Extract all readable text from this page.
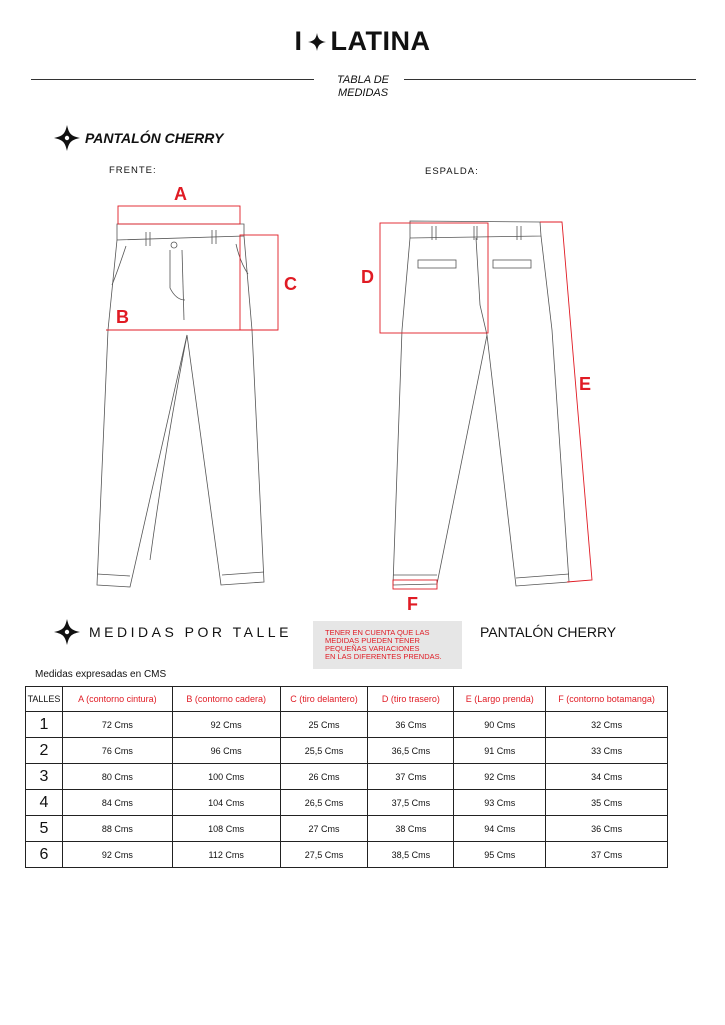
I LATINA
TABLA DE
MEDIDAS
PANTALÓN CHERRY
FRENTE:	ESPALDA:
A
B
C	D
E
F
MEDIDAS POR TALLE	TENER EN CUENTA QUE LAS
MEDIDAS PUEDEN TENER
PEQUEÑAS VARIACIONES
EN LAS DIFERENTES PRENDAS.
PANTALÓN CHERRY
Medidas expresadas en CMS
TALLES	A (contorno cintura)	B (contorno cadera)	C (tiro delantero)	D (tiro trasero)	E (Largo prenda)	F (contorno botamanga)
1	72 Cms	92 Cms	25 Cms	36 Cms	90 Cms	32 Cms
2	76 Cms	96 Cms	25,5 Cms	36,5 Cms	91 Cms	33 Cms
3	80 Cms	100 Cms	26 Cms	37 Cms	92 Cms	34 Cms
4	84 Cms	104 Cms	26,5 Cms	37,5 Cms	93 Cms	35 Cms
5	88 Cms	108 Cms	27 Cms	38 Cms	94 Cms	36 Cms
6	92 Cms	112 Cms	27,5 Cms	38,5 Cms	95 Cms	37 Cms
